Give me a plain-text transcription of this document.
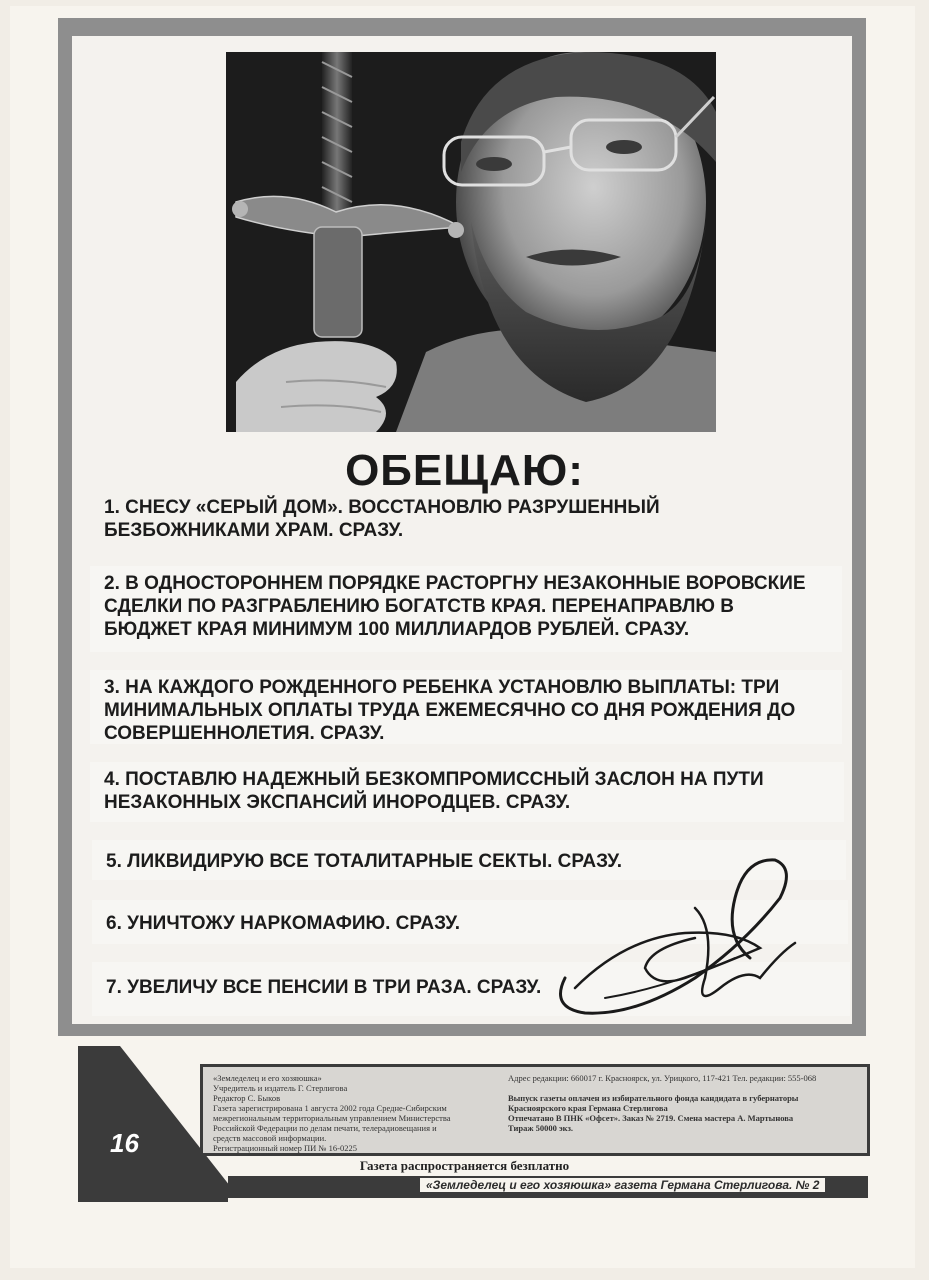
ОБЕЩАЮ:
1. СНЕСУ «СЕРЫЙ ДОМ». ВОССТАНОВЛЮ РАЗРУШЕННЫЙ
БЕЗБОЖНИКАМИ ХРАМ. СРАЗУ.
2. В ОДНОСТОРОННЕМ ПОРЯДКЕ РАСТОРГНУ НЕЗАКОННЫЕ ВОРОВСКИЕ
СДЕЛКИ ПО РАЗГРАБЛЕНИЮ БОГАТСТВ КРАЯ. ПЕРЕНАПРАВЛЮ В
БЮДЖЕТ КРАЯ МИНИМУМ 100 МИЛЛИАРДОВ РУБЛЕЙ. СРАЗУ.
3. НА КАЖДОГО РОЖДЕННОГО РЕБЕНКА УСТАНОВЛЮ ВЫПЛАТЫ: ТРИ
МИНИМАЛЬНЫХ ОПЛАТЫ ТРУДА ЕЖЕМЕСЯЧНО СО ДНЯ РОЖДЕНИЯ ДО
СОВЕРШЕННОЛЕТИЯ. СРАЗУ.
4. ПОСТАВЛЮ НАДЕЖНЫЙ БЕЗКОМПРОМИССНЫЙ ЗАСЛОН НА ПУТИ
НЕЗАКОННЫХ ЭКСПАНСИЙ ИНОРОДЦЕВ. СРАЗУ.
5. ЛИКВИДИРУЮ ВСЕ ТОТАЛИТАРНЫЕ СЕКТЫ. СРАЗУ.
6. УНИЧТОЖУ НАРКОМАФИЮ. СРАЗУ.
7. УВЕЛИЧУ ВСЕ ПЕНСИИ В ТРИ РАЗА. СРАЗУ.
16
«Земледелец и его хозяюшка»
Учредитель и издатель Г. Стерлигова
Редактор С. Быков
Газета зарегистрирована 1 августа 2002 года Средне-Сибирским
межрегиональным территориальным управлением Министерства
Российской Федерации по делам печати, телерадиовещания и
средств массовой информации.
Регистрационный номер ПИ № 16-0225
Адрес редакции: 660017 г. Красноярск, ул. Урицкого, 117-421 Тел. редакции: 555-068
Выпуск газеты оплачен из избирательного фонда кандидата в губернаторы
Красноярского края Германа Стерлигова
Отпечатано В ПНК «Офсет». Заказ № 2719. Смена мастера А. Мартынова
Тираж 50000 экз.
Газета распространяется безплатно
«Земледелец и его хозяюшка» газета Германа Стерлигова. № 2
